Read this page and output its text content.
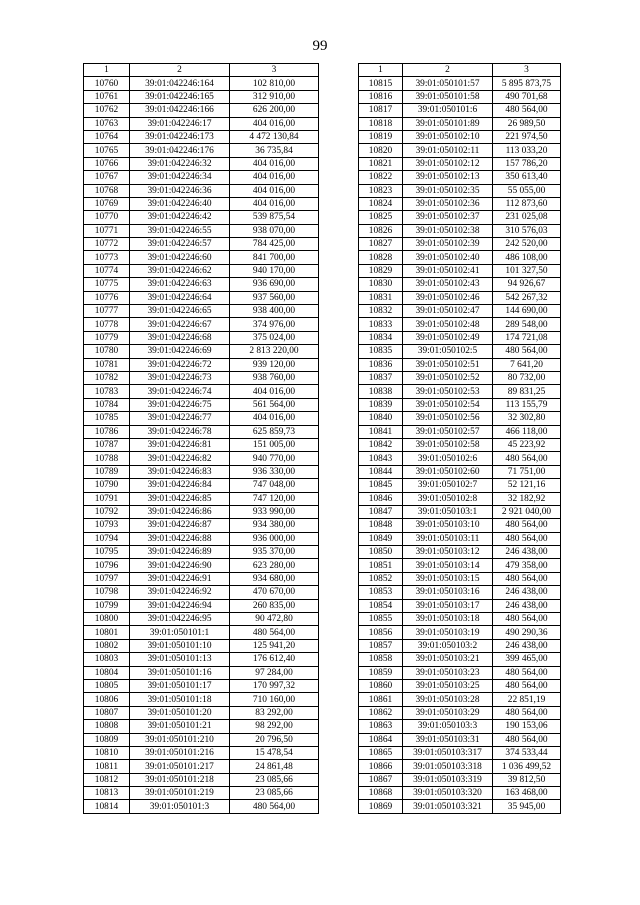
99
1	2	3
10760	39:01:042246:164	102 810,00
10761	39:01:042246:165	312 910,00
10762	39:01:042246:166	626 200,00
10763	39:01:042246:17	404 016,00
10764	39:01:042246:173	4 472 130,84
10765	39:01:042246:176	36 735,84
10766	39:01:042246:32	404 016,00
10767	39:01:042246:34	404 016,00
10768	39:01:042246:36	404 016,00
10769	39:01:042246:40	404 016,00
10770	39:01:042246:42	539 875,54
10771	39:01:042246:55	938 070,00
10772	39:01:042246:57	784 425,00
10773	39:01:042246:60	841 700,00
10774	39:01:042246:62	940 170,00
10775	39:01:042246:63	936 690,00
10776	39:01:042246:64	937 560,00
10777	39:01:042246:65	938 400,00
10778	39:01:042246:67	374 976,00
10779	39:01:042246:68	375 024,00
10780	39:01:042246:69	2 813 220,00
10781	39:01:042246:72	939 120,00
10782	39:01:042246:73	938 760,00
10783	39:01:042246:74	404 016,00
10784	39:01:042246:75	561 564,00
10785	39:01:042246:77	404 016,00
10786	39:01:042246:78	625 859,73
10787	39:01:042246:81	151 005,00
10788	39:01:042246:82	940 770,00
10789	39:01:042246:83	936 330,00
10790	39:01:042246:84	747 048,00
10791	39:01:042246:85	747 120,00
10792	39:01:042246:86	933 990,00
10793	39:01:042246:87	934 380,00
10794	39:01:042246:88	936 000,00
10795	39:01:042246:89	935 370,00
10796	39:01:042246:90	623 280,00
10797	39:01:042246:91	934 680,00
10798	39:01:042246:92	470 670,00
10799	39:01:042246:94	260 835,00
10800	39:01:042246:95	90 472,80
10801	39:01:050101:1	480 564,00
10802	39:01:050101:10	125 941,20
10803	39:01:050101:13	176 612,40
10804	39:01:050101:16	97 284,00
10805	39:01:050101:17	170 997,32
10806	39:01:050101:18	710 160,00
10807	39:01:050101:20	83 292,00
10808	39:01:050101:21	98 292,00
10809	39:01:050101:210	20 796,50
10810	39:01:050101:216	15 478,54
10811	39:01:050101:217	24 861,48
10812	39:01:050101:218	23 085,66
10813	39:01:050101:219	23 085,66
10814	39:01:050101:3	480 564,00
1	2	3
10815	39:01:050101:57	5 895 873,75
10816	39:01:050101:58	490 701,68
10817	39:01:050101:6	480 564,00
10818	39:01:050101:89	26 989,50
10819	39:01:050102:10	221 974,50
10820	39:01:050102:11	113 033,20
10821	39:01:050102:12	157 786,20
10822	39:01:050102:13	350 613,40
10823	39:01:050102:35	55 055,00
10824	39:01:050102:36	112 873,60
10825	39:01:050102:37	231 025,08
10826	39:01:050102:38	310 576,03
10827	39:01:050102:39	242 520,00
10828	39:01:050102:40	486 108,00
10829	39:01:050102:41	101 327,50
10830	39:01:050102:43	94 926,67
10831	39:01:050102:46	542 267,32
10832	39:01:050102:47	144 690,00
10833	39:01:050102:48	289 548,00
10834	39:01:050102:49	174 721,08
10835	39:01:050102:5	480 564,00
10836	39:01:050102:51	7 641,20
10837	39:01:050102:52	80 732,00
10838	39:01:050102:53	89 831,25
10839	39:01:050102:54	113 155,79
10840	39:01:050102:56	32 302,80
10841	39:01:050102:57	466 118,00
10842	39:01:050102:58	45 223,92
10843	39:01:050102:6	480 564,00
10844	39:01:050102:60	71 751,00
10845	39:01:050102:7	52 121,16
10846	39:01:050102:8	32 182,92
10847	39:01:050103:1	2 921 040,00
10848	39:01:050103:10	480 564,00
10849	39:01:050103:11	480 564,00
10850	39:01:050103:12	246 438,00
10851	39:01:050103:14	479 358,00
10852	39:01:050103:15	480 564,00
10853	39:01:050103:16	246 438,00
10854	39:01:050103:17	246 438,00
10855	39:01:050103:18	480 564,00
10856	39:01:050103:19	490 290,36
10857	39:01:050103:2	246 438,00
10858	39:01:050103:21	399 465,00
10859	39:01:050103:23	480 564,00
10860	39:01:050103:25	480 564,00
10861	39:01:050103:28	22 851,19
10862	39:01:050103:29	480 564,00
10863	39:01:050103:3	190 153,06
10864	39:01:050103:31	480 564,00
10865	39:01:050103:317	374 533,44
10866	39:01:050103:318	1 036 499,52
10867	39:01:050103:319	39 812,50
10868	39:01:050103:320	163 468,00
10869	39:01:050103:321	35 945,00
